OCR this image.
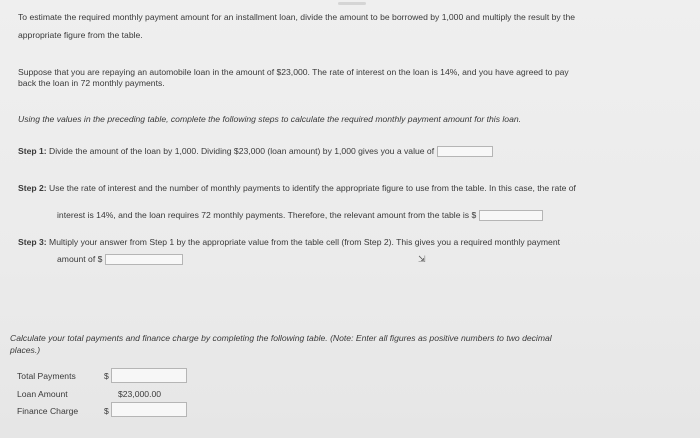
To estimate the required monthly payment amount for an installment loan, divide the amount to be borrowed by 1,000 and multiply the result by the

appropriate figure from the table.

Suppose that you are repaying an automobile loan in the amount of $23,000. The rate of interest on the loan is 14%, and you have agreed to pay

back the loan in 72 monthly payments.

Using the values in the preceding table, complete the following steps to calculate the required monthly payment amount for this loan.

Step 1: Divide the amount of the loan by 1,000. Dividing $23,000 (loan amount) by 1,000 gives you a value of

Step 2: Use the rate of interest and the number of monthly payments to identify the appropriate figure to use from the table. In this case, the rate of

interest is 14%, and the loan requires 72 monthly payments. Therefore, the relevant amount from the table is $

Step 3: Multiply your answer from Step 1 by the appropriate value from the table cell (from Step 2). This gives you a required monthly payment

amount of $	⇲

Calculate your total payments and finance charge by completing the following table. (Note: Enter all figures as positive numbers to two decimal

places.)

Total Payments	$
Loan Amount	$23,000.00
Finance Charge	$
